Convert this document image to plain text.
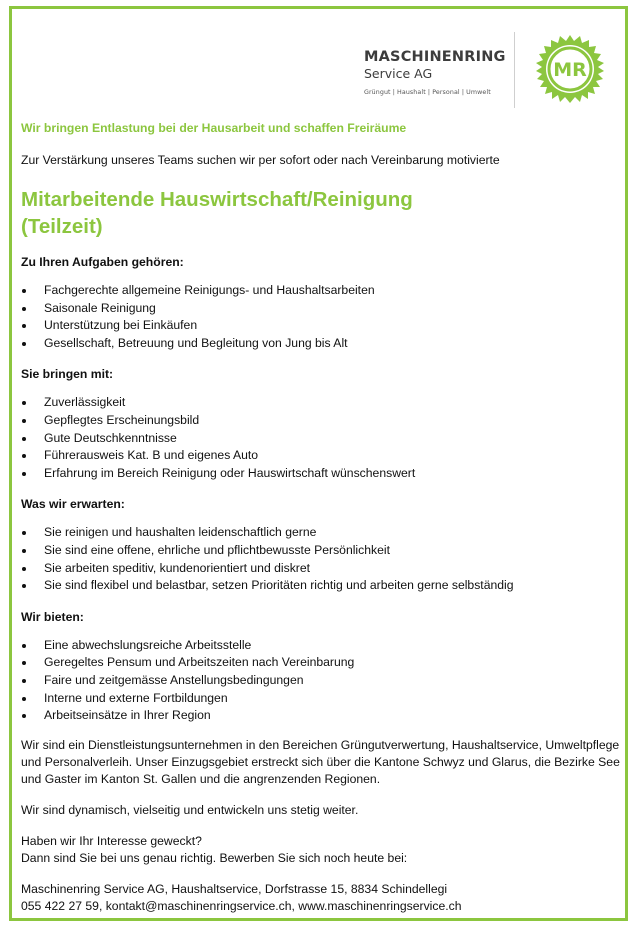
MASCHINENRING
Service AG
Grüngut | Haushalt | Personal | Umwelt
MR

Wir bringen Entlastung bei der Hausarbeit und schaffen Freiräume

Zur Verstärkung unseres Teams suchen wir per sofort oder nach Vereinbarung motivierte

Mitarbeitende Hauswirtschaft/Reinigung (Teilzeit)
Zu Ihren Aufgaben gehören:
Fachgerechte allgemeine Reinigungs- und Haushaltsarbeiten
Saisonale Reinigung
Unterstützung bei Einkäufen
Gesellschaft, Betreuung und Begleitung von Jung bis Alt
Sie bringen mit:
Zuverlässigkeit
Gepflegtes Erscheinungsbild
Gute Deutschkenntnisse
Führerausweis Kat. B und eigenes Auto
Erfahrung im Bereich Reinigung oder Hauswirtschaft wünschenswert
Was wir erwarten:
Sie reinigen und haushalten leidenschaftlich gerne
Sie sind eine offene, ehrliche und pflichtbewusste Persönlichkeit
Sie arbeiten speditiv, kundenorientiert und diskret
Sie sind flexibel und belastbar, setzen Prioritäten richtig und arbeiten gerne selbständig
Wir bieten:
Eine abwechslungsreiche Arbeitsstelle
Geregeltes Pensum und Arbeitszeiten nach Vereinbarung
Faire und zeitgemässe Anstellungsbedingungen
Interne und externe Fortbildungen
Arbeitseinsätze in Ihrer Region

Wir sind ein Dienstleistungsunternehmen in den Bereichen Grüngutverwertung, Haushaltservice, Umweltpflege und Personalverleih. Unser Einzugsgebiet erstreckt sich über die Kantone Schwyz und Glarus, die Bezirke See und Gaster im Kanton St. Gallen und die angrenzenden Regionen.

Wir sind dynamisch, vielseitig und entwickeln uns stetig weiter.

Haben wir Ihr Interesse geweckt?
Dann sind Sie bei uns genau richtig. Bewerben Sie sich noch heute bei:

Maschinenring Service AG, Haushaltservice, Dorfstrasse 15, 8834 Schindellegi
055 422 27 59, kontakt@maschinenringservice.ch, www.maschinenringservice.ch
